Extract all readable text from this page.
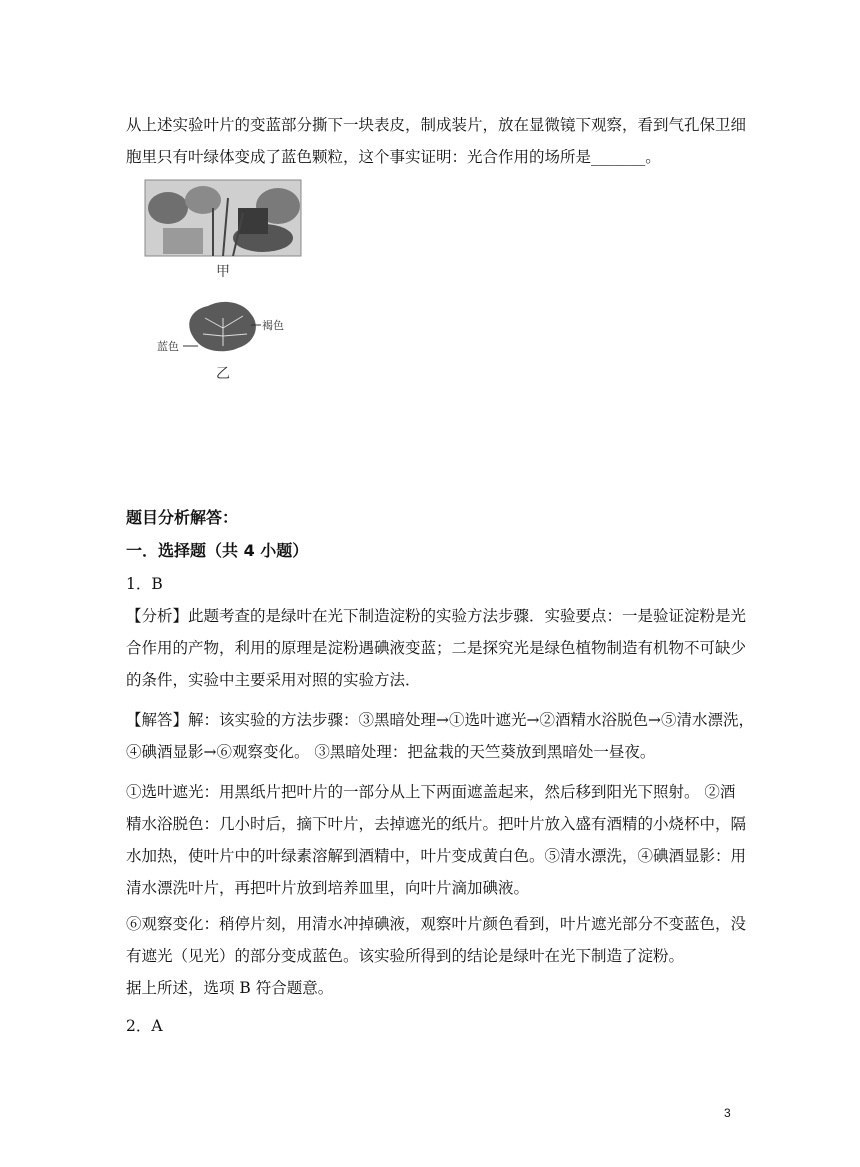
从上述实验叶片的变蓝部分撕下一块表皮，制成装片，放在显微镜下观察，看到气孔保卫细
胞里只有叶绿体变成了蓝色颗粒，这个事实证明：光合作用的场所是_______。
甲
褐色
蓝色
乙
题目分析解答：
一．选择题（共 4 小题）
1．B
【分析】此题考查的是绿叶在光下制造淀粉的实验方法步骤．实验要点：一是验证淀粉是光
合作用的产物，利用的原理是淀粉遇碘液变蓝；二是探究光是绿色植物制造有机物不可缺少
的条件，实验中主要采用对照的实验方法．
【解答】解：该实验的方法步骤：③黑暗处理→①选叶遮光→②酒精水浴脱色→⑤清水漂洗，
④碘酒显影→⑥观察变化。 ③黑暗处理：把盆栽的天竺葵放到黑暗处一昼夜。
①选叶遮光：用黑纸片把叶片的一部分从上下两面遮盖起来，然后移到阳光下照射。 ②酒
精水浴脱色：几小时后，摘下叶片，去掉遮光的纸片。把叶片放入盛有酒精的小烧杯中，隔
水加热，使叶片中的叶绿素溶解到酒精中，叶片变成黄白色。⑤清水漂洗，④碘酒显影：用
清水漂洗叶片，再把叶片放到培养皿里，向叶片滴加碘液。
⑥观察变化：稍停片刻，用清水冲掉碘液，观察叶片颜色看到，叶片遮光部分不变蓝色，没
有遮光（见光）的部分变成蓝色。该实验所得到的结论是绿叶在光下制造了淀粉。
据上所述，选项 B 符合题意。
2．A
3
